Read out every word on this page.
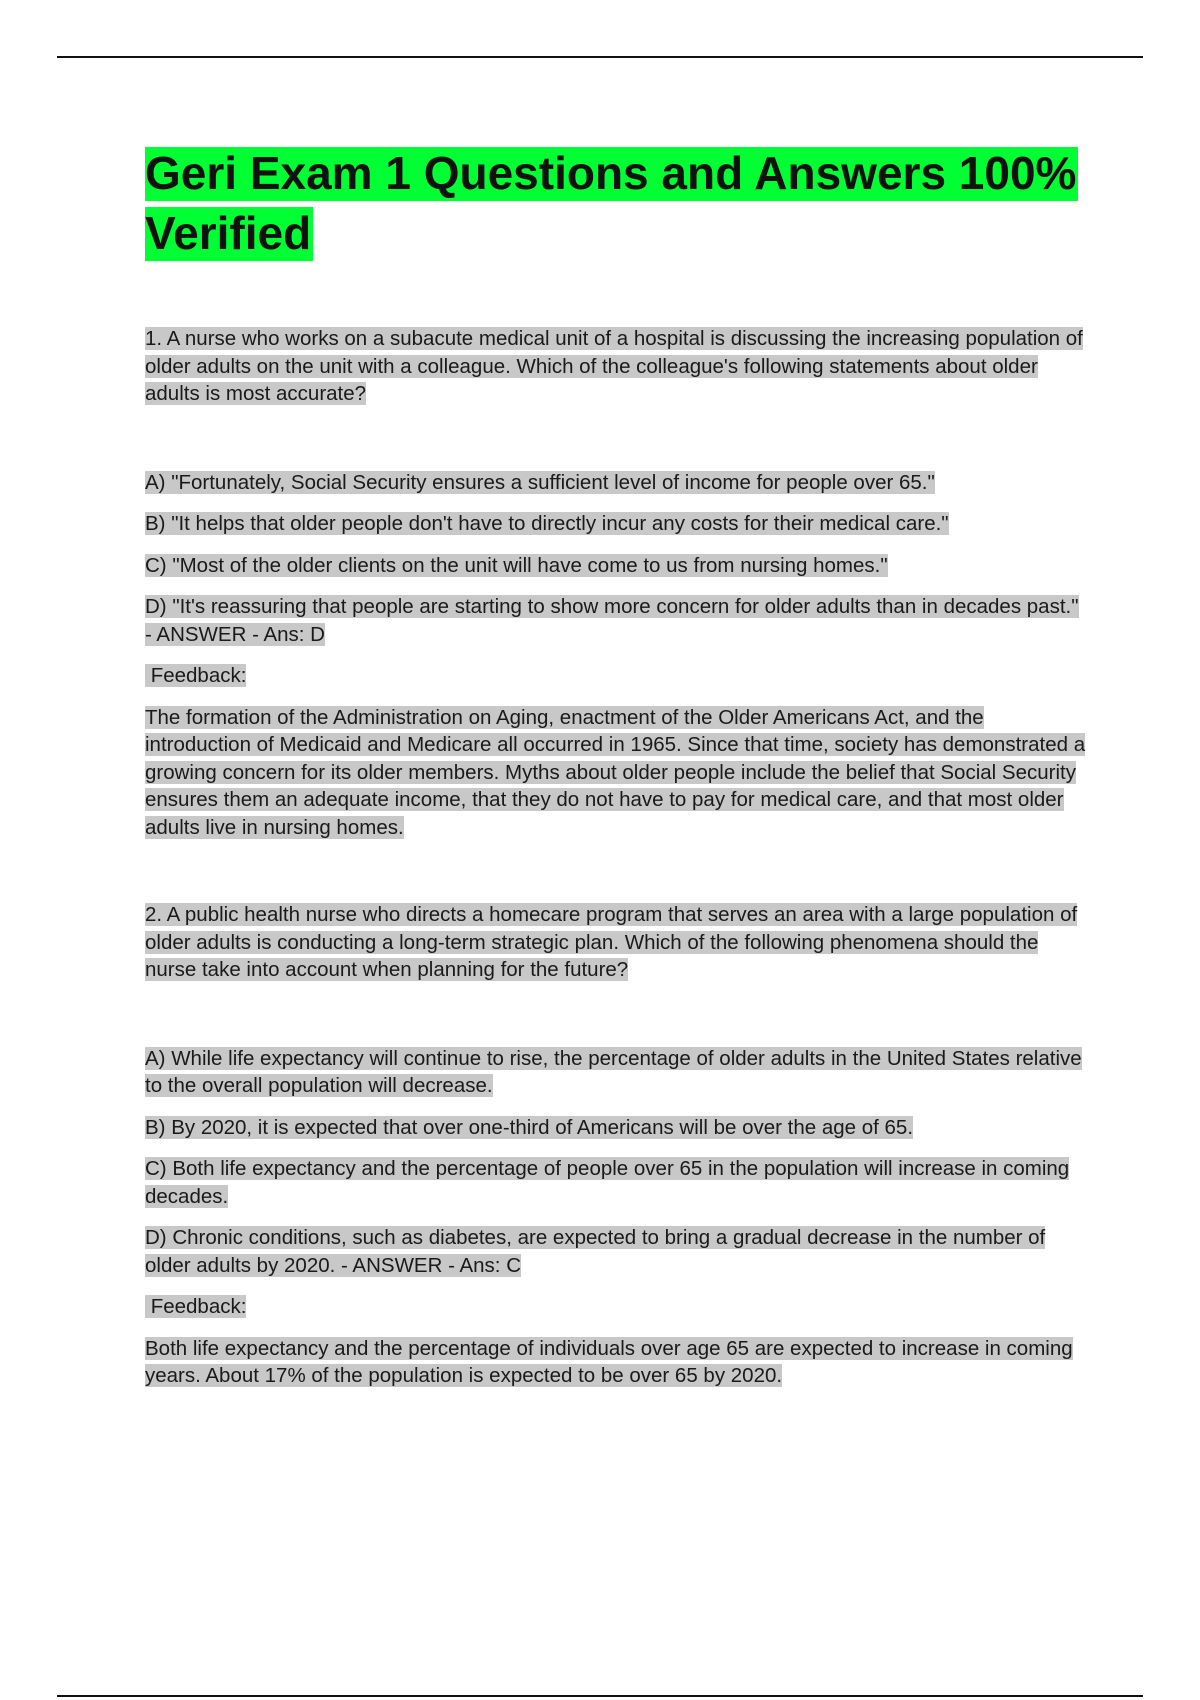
Geri Exam 1 Questions and Answers 100% Verified

1. A nurse who works on a subacute medical unit of a hospital is discussing the increasing population of older adults on the unit with a colleague. Which of the colleague's following statements about older adults is most accurate?

A) "Fortunately, Social Security ensures a sufficient level of income for people over 65."

B) "It helps that older people don't have to directly incur any costs for their medical care."

C) "Most of the older clients on the unit will have come to us from nursing homes."

D) "It's reassuring that people are starting to show more concern for older adults than in decades past." - ANSWER - Ans: D

Feedback:

The formation of the Administration on Aging, enactment of the Older Americans Act, and the introduction of Medicaid and Medicare all occurred in 1965. Since that time, society has demonstrated a growing concern for its older members. Myths about older people include the belief that Social Security ensures them an adequate income, that they do not have to pay for medical care, and that most older adults live in nursing homes.

2. A public health nurse who directs a homecare program that serves an area with a large population of older adults is conducting a long-term strategic plan. Which of the following phenomena should the nurse take into account when planning for the future?

A) While life expectancy will continue to rise, the percentage of older adults in the United States relative to the overall population will decrease.

B) By 2020, it is expected that over one-third of Americans will be over the age of 65.

C) Both life expectancy and the percentage of people over 65 in the population will increase in coming decades.

D) Chronic conditions, such as diabetes, are expected to bring a gradual decrease in the number of older adults by 2020. - ANSWER - Ans: C

Feedback:

Both life expectancy and the percentage of individuals over age 65 are expected to increase in coming years. About 17% of the population is expected to be over 65 by 2020.
